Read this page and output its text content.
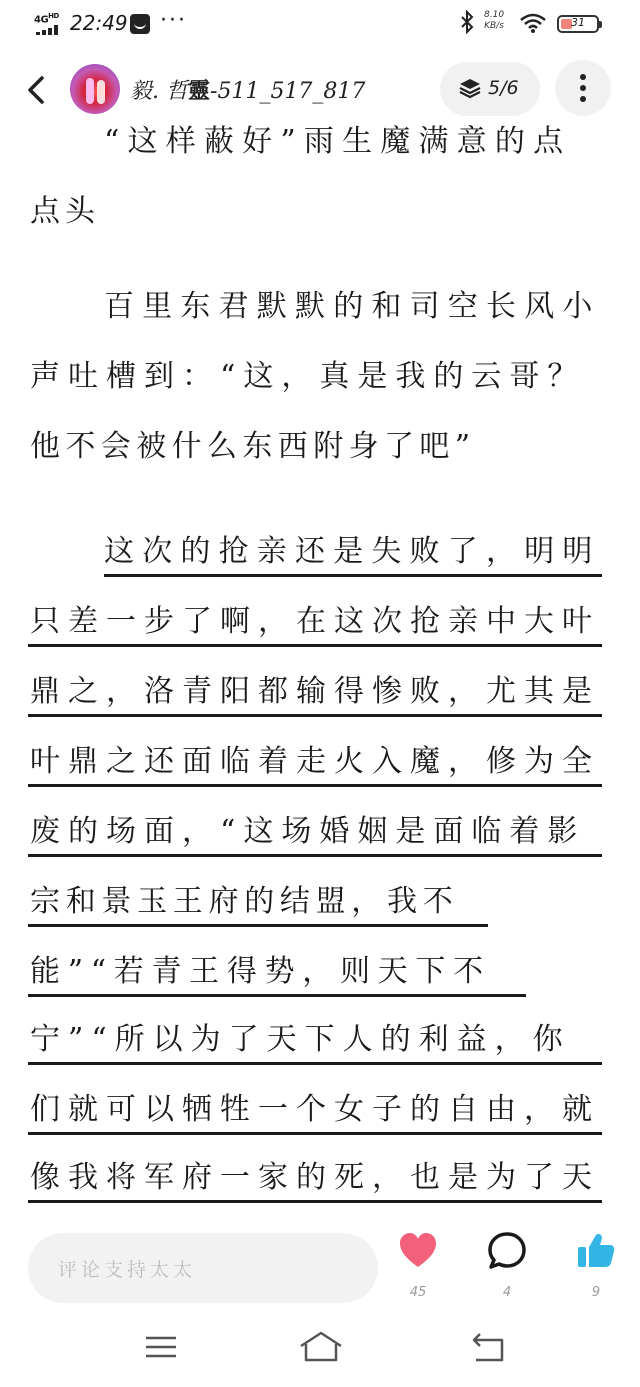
$4G^{HD}$ 22:49 ···	8.10
KB/s	31
毅. 哲靈-511_517_817	5/6
“这样蔽好”雨生魔满意的点
点头
百里东君默默的和司空长风小
声吐槽到：“这，真是我的云哥？
他不会被什么东西附身了吧”
这次的抢亲还是失败了，明明
只差一步了啊，在这次抢亲中大叶
鼎之，洛青阳都输得惨败，尤其是
叶鼎之还面临着走火入魔，修为全
废的场面，“这场婚姻是面临着影
宗和景玉王府的结盟，我不
能”“若青王得势，则天下不
宁”“所以为了天下人的利益，你
们就可以牺牲一个女子的自由，就
像我将军府一家的死，也是为了天
评论支持太太
45	4	9
